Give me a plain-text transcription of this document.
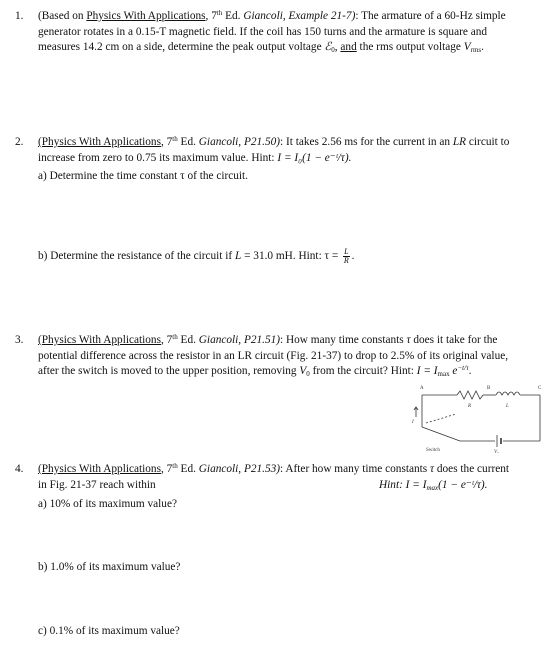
1. (Based on Physics With Applications, 7th Ed. Giancoli, Example 21-7): The armature of a 60-Hz simple
generator rotates in a 0.15-T magnetic field. If the coil has 150 turns and the armature is square and
measures 14.2 cm on a side, determine the peak output voltage ℰ$_0$, and the rms output voltage $V_{rms}$.
2. (Physics With Applications, 7th Ed. Giancoli, P21.50): It takes 2.56 ms for the current in an LR circuit to
increase from zero to 0.75 its maximum value. Hint: I = I₀(1 − e⁻ᵗ/τ).
a) Determine the time constant τ of the circuit.
b) Determine the resistance of the circuit if L = 31.0 mH. Hint: $\tau = \frac{L}{R}$ .
3. (Physics With Applications, 7th Ed. Giancoli, P21.51): How many time constants τ does it take for the
potential difference across the resistor in an LR circuit (Fig. 21-37) to drop to 2.5% of its original value,
after the switch is moved to the upper position, removing $V_0$ from the circuit? Hint: $I = I_{max}$ $e^{-t/\tau}$.
A	B	C
R	L
I
Switch	V₀
4. (Physics With Applications, 7th Ed. Giancoli, P21.53): After how many time constants τ does the current
in Fig. 21-37 reach within	Hint: $I = I_{max}(1$ − e⁻ᵗ/τ).
a) 10% of its maximum value?
b) 1.0% of its maximum value?
c) 0.1% of its maximum value?
